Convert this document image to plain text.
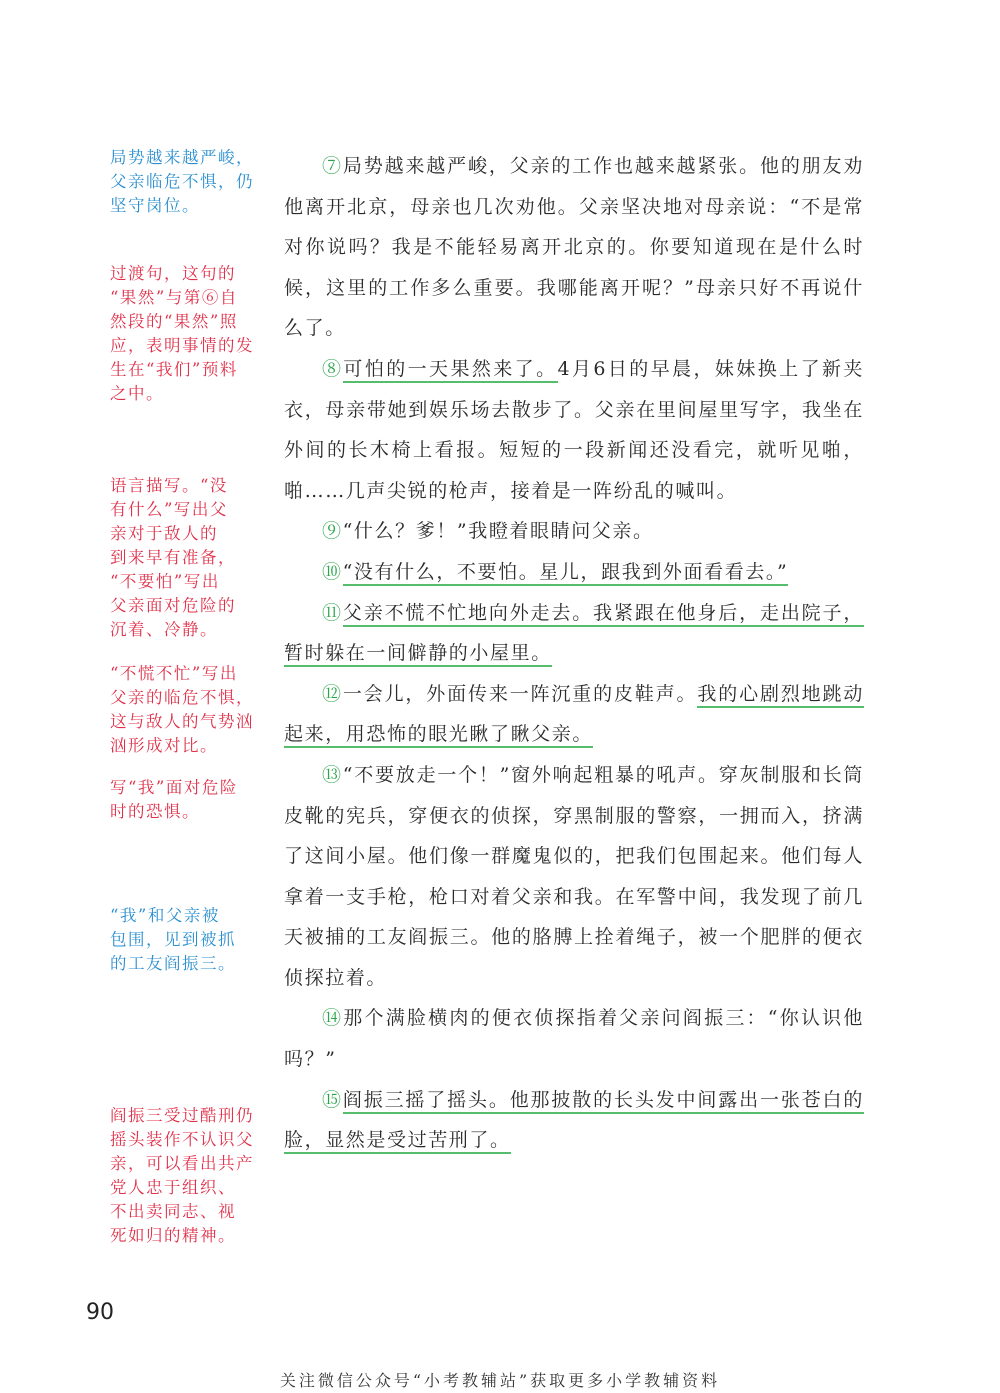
局势越来越严峻，
父亲临危不惧，仍
坚守岗位。
过渡句，这句的
“果然”与第⑥自
然段的“果然”照
应，表明事情的发
生在“我们”预料
之中。
语言描写。“没
有什么”写出父
亲对于敌人的
到来早有准备，
“不要怕”写出
父亲面对危险的
沉着、冷静。
“不慌不忙”写出
父亲的临危不惧，
这与敌人的气势汹
汹形成对比。
写“我”面对危险
时的恐惧。
“我”和父亲被
包围，见到被抓
的工友阎振三。
阎振三受过酷刑仍
摇头装作不认识父
亲，可以看出共产
党人忠于组织、
不出卖同志、视
死如归的精神。

⑦局势越来越严峻，父亲的工作也越来越紧张。他的朋友劝他离开北京，母亲也几次劝他。父亲坚决地对母亲说：“不是常对你说吗？我是不能轻易离开北京的。你要知道现在是什么时候，这里的工作多么重要。我哪能离开呢？”母亲只好不再说什么了。

⑧可怕的一天果然来了。4月6日的早晨，妹妹换上了新夹衣，母亲带她到娱乐场去散步了。父亲在里间屋里写字，我坐在外间的长木椅上看报。短短的一段新闻还没看完，就听见啪，啪……几声尖锐的枪声，接着是一阵纷乱的喊叫。

⑨“什么？爹！”我瞪着眼睛问父亲。

⑩“没有什么，不要怕。星儿，跟我到外面看看去。”

⑪父亲不慌不忙地向外走去。我紧跟在他身后，走出院子，暂时躲在一间僻静的小屋里。

⑫一会儿，外面传来一阵沉重的皮鞋声。我的心剧烈地跳动起来，用恐怖的眼光瞅了瞅父亲。

⑬“不要放走一个！”窗外响起粗暴的吼声。穿灰制服和长筒皮靴的宪兵，穿便衣的侦探，穿黑制服的警察，一拥而入，挤满了这间小屋。他们像一群魔鬼似的，把我们包围起来。他们每人拿着一支手枪，枪口对着父亲和我。在军警中间，我发现了前几天被捕的工友阎振三。他的胳膊上拴着绳子，被一个肥胖的便衣侦探拉着。

⑭那个满脸横肉的便衣侦探指着父亲问阎振三：“你认识他吗？”

⑮阎振三摇了摇头。他那披散的长头发中间露出一张苍白的脸，显然是受过苦刑了。

90
关注微信公众号“小考教辅站”获取更多小学教辅资料
